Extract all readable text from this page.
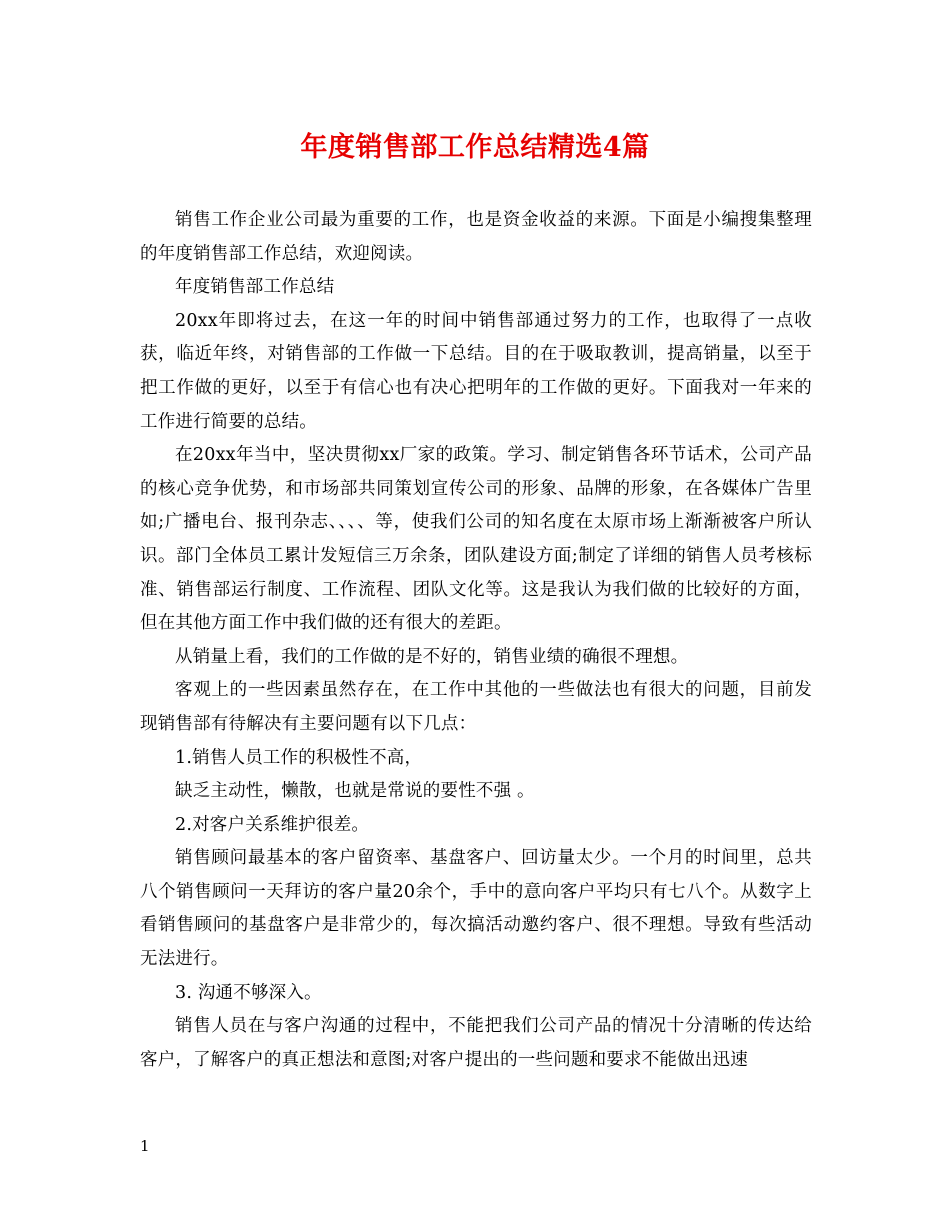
年度销售部工作总结精选4篇

销售工作企业公司最为重要的工作，也是资金收益的来源。下面是小编搜集整理的年度销售部工作总结，欢迎阅读。

年度销售部工作总结

20xx年即将过去，在这一年的时间中销售部通过努力的工作，也取得了一点收获，临近年终，对销售部的工作做一下总结。目的在于吸取教训，提高销量，以至于把工作做的更好，以至于有信心也有决心把明年的工作做的更好。下面我对一年来的工作进行简要的总结。

在20xx年当中，坚决贯彻xx厂家的政策。学习、制定销售各环节话术，公司产品的核心竞争优势，和市场部共同策划宣传公司的形象、品牌的形象，在各媒体广告里如;广播电台、报刊杂志、、、、等，使我们公司的知名度在太原市场上渐渐被客户所认识。部门全体员工累计发短信三万余条，团队建设方面;制定了详细的销售人员考核标准、销售部运行制度、工作流程、团队文化等。这是我认为我们做的比较好的方面，但在其他方面工作中我们做的还有很大的差距。

从销量上看，我们的工作做的是不好的，销售业绩的确很不理想。

客观上的一些因素虽然存在，在工作中其他的一些做法也有很大的问题，目前发现销售部有待解决有主要问题有以下几点：

1.销售人员工作的积极性不高，

缺乏主动性，懒散，也就是常说的要性不强 。

2.对客户关系维护很差。

销售顾问最基本的客户留资率、基盘客户、回访量太少。一个月的时间里，总共八个销售顾问一天拜访的客户量20余个，手中的意向客户平均只有七八个。从数字上看销售顾问的基盘客户是非常少的，每次搞活动邀约客户、很不理想。导致有些活动无法进行。

3. 沟通不够深入。

销售人员在与客户沟通的过程中，不能把我们公司产品的情况十分清晰的传达给客户，了解客户的真正想法和意图;对客户提出的一些问题和要求不能做出迅速

1
